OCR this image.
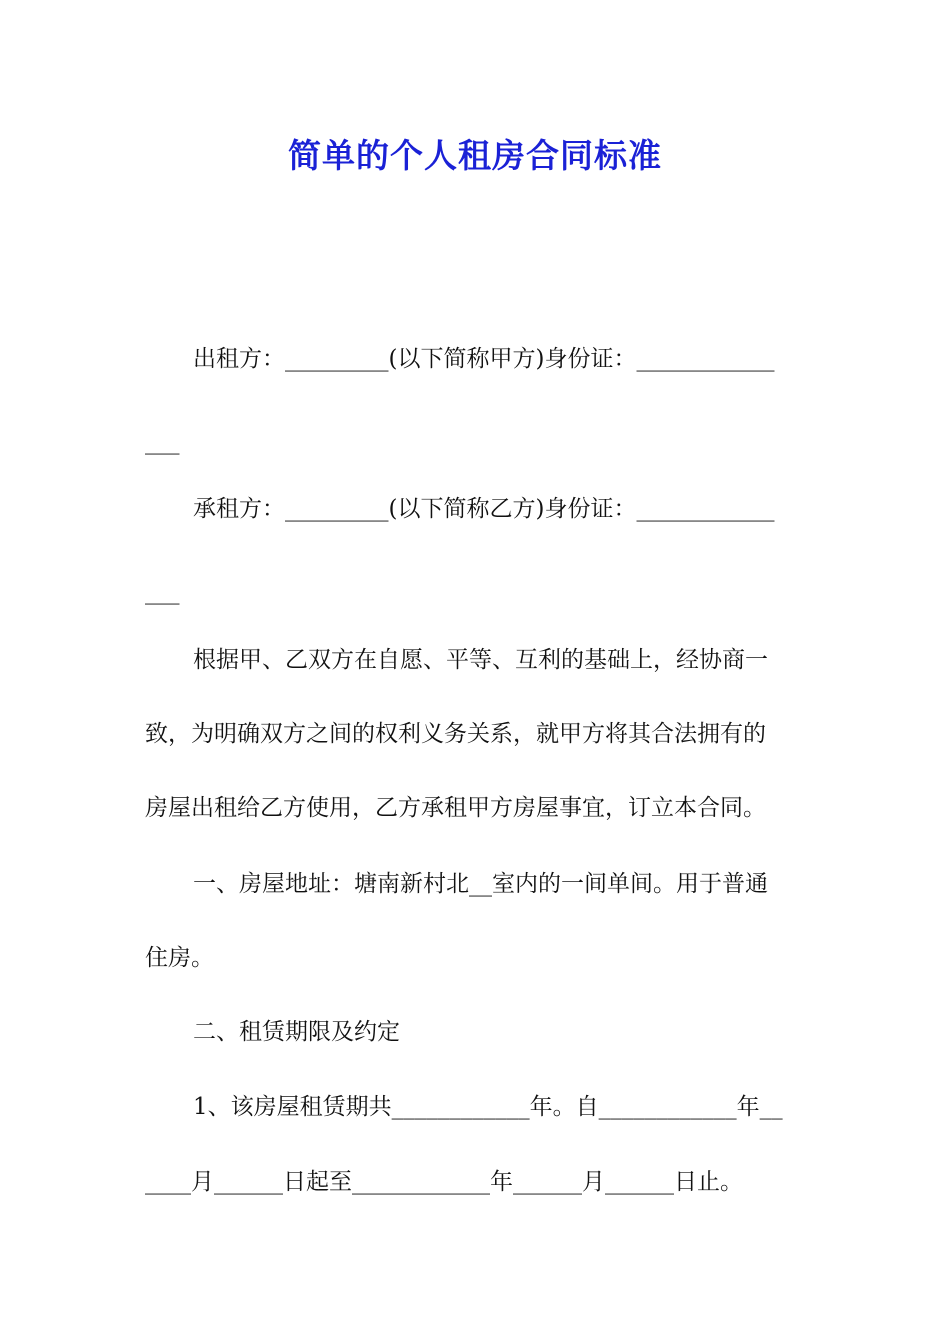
简单的个人租房合同标准
出租方：_________(以下简称甲方)身份证：____________
___
承租方：_________(以下简称乙方)身份证：____________
___
根据甲、乙双方在自愿、平等、互利的基础上，经协商一
致，为明确双方之间的权利义务关系，就甲方将其合法拥有的
房屋出租给乙方使用，乙方承租甲方房屋事宜，订立本合同。
一、房屋地址：塘南新村北__室内的一间单间。用于普通
住房。
二、租赁期限及约定
1、该房屋租赁期共____________年。自____________年__
____月______日起至____________年______月______日止。
